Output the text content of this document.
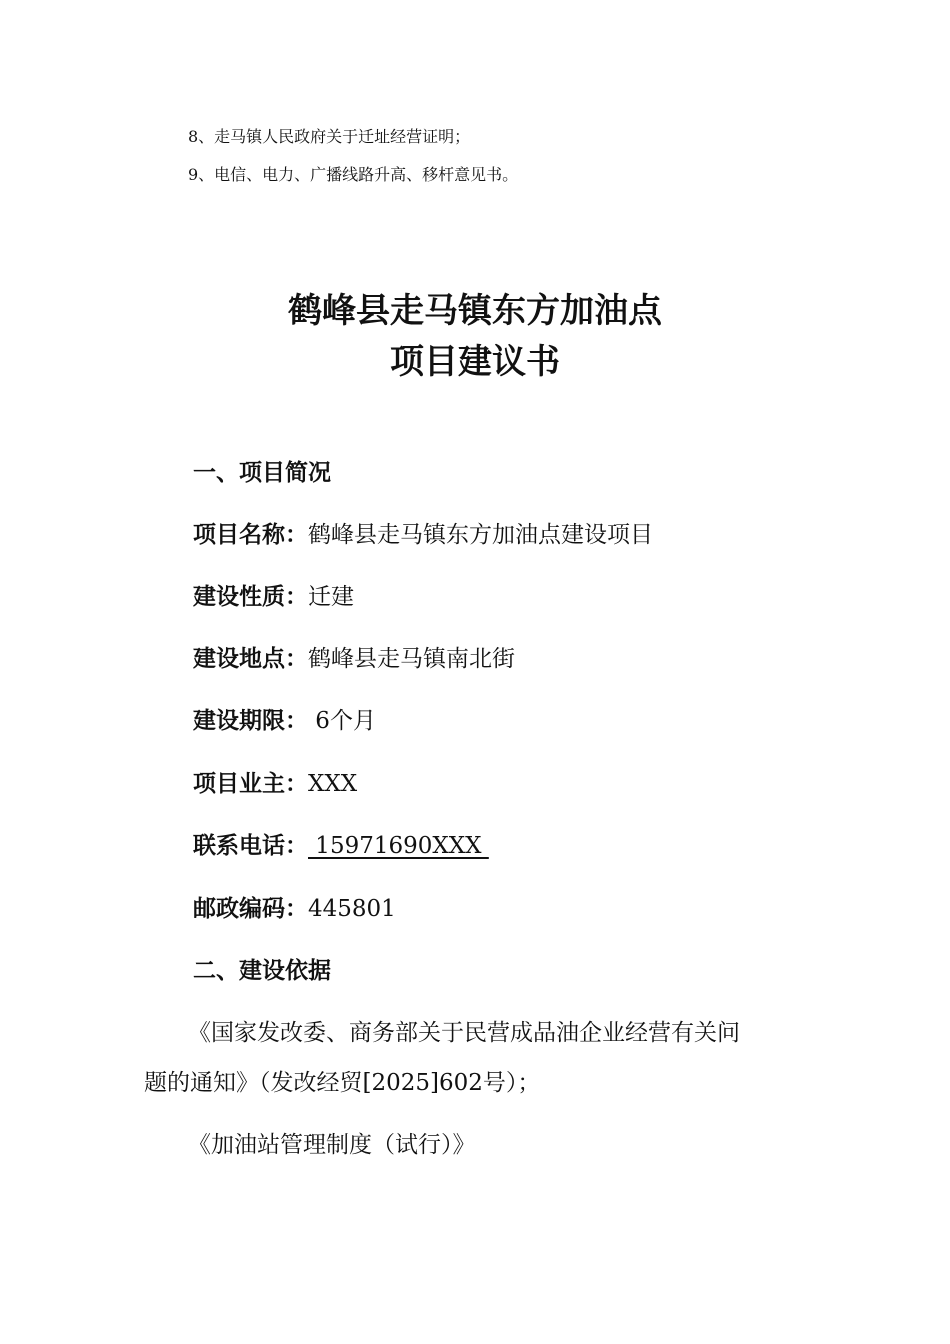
8、走马镇人民政府关于迁址经营证明；
9、电信、电力、广播线路升高、移杆意见书。
鹤峰县走马镇东方加油点
项目建议书
一、项目简况
项目名称：鹤峰县走马镇东方加油点建设项目
建设性质：迁建
建设地点：鹤峰县走马镇南北街
建设期限： 6个月
项目业主：XXX
联系电话： 15971690XXX
邮政编码：445801
二、建设依据
《国家发改委、商务部关于民营成品油企业经营有关问
题的通知》（发改经贸[2025]602号）；
《加油站管理制度（试行）》
